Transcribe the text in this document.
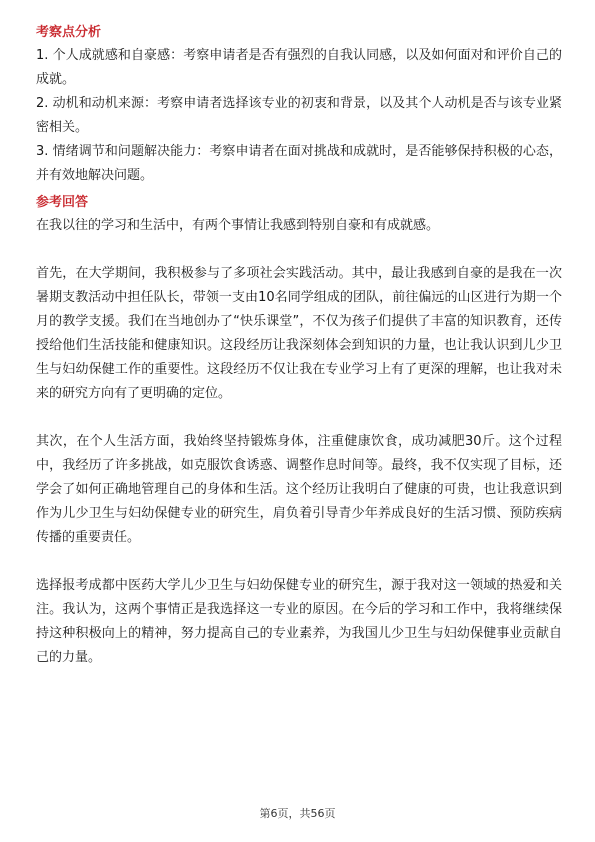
考察点分析

1. 个人成就感和自豪感：考察申请者是否有强烈的自我认同感，以及如何面对和评价自己的成就。

2. 动机和动机来源：考察申请者选择该专业的初衷和背景，以及其个人动机是否与该专业紧密相关。

3. 情绪调节和问题解决能力：考察申请者在面对挑战和成就时，是否能够保持积极的心态，并有效地解决问题。

参考回答

在我以往的学习和生活中，有两个事情让我感到特别自豪和有成就感。

首先，在大学期间，我积极参与了多项社会实践活动。其中，最让我感到自豪的是我在一次暑期支教活动中担任队长，带领一支由10名同学组成的团队，前往偏远的山区进行为期一个月的教学支援。我们在当地创办了“快乐课堂”，不仅为孩子们提供了丰富的知识教育，还传授给他们生活技能和健康知识。这段经历让我深刻体会到知识的力量，也让我认识到儿少卫生与妇幼保健工作的重要性。这段经历不仅让我在专业学习上有了更深的理解，也让我对未来的研究方向有了更明确的定位。

其次，在个人生活方面，我始终坚持锻炼身体，注重健康饮食，成功减肥30斤。这个过程中，我经历了许多挑战，如克服饮食诱惑、调整作息时间等。最终，我不仅实现了目标，还学会了如何正确地管理自己的身体和生活。这个经历让我明白了健康的可贵，也让我意识到作为儿少卫生与妇幼保健专业的研究生，肩负着引导青少年养成良好的生活习惯、预防疾病传播的重要责任。

选择报考成都中医药大学儿少卫生与妇幼保健专业的研究生，源于我对这一领域的热爱和关注。我认为，这两个事情正是我选择这一专业的原因。在今后的学习和工作中，我将继续保持这种积极向上的精神，努力提高自己的专业素养，为我国儿少卫生与妇幼保健事业贡献自己的力量。

第6页，共56页
